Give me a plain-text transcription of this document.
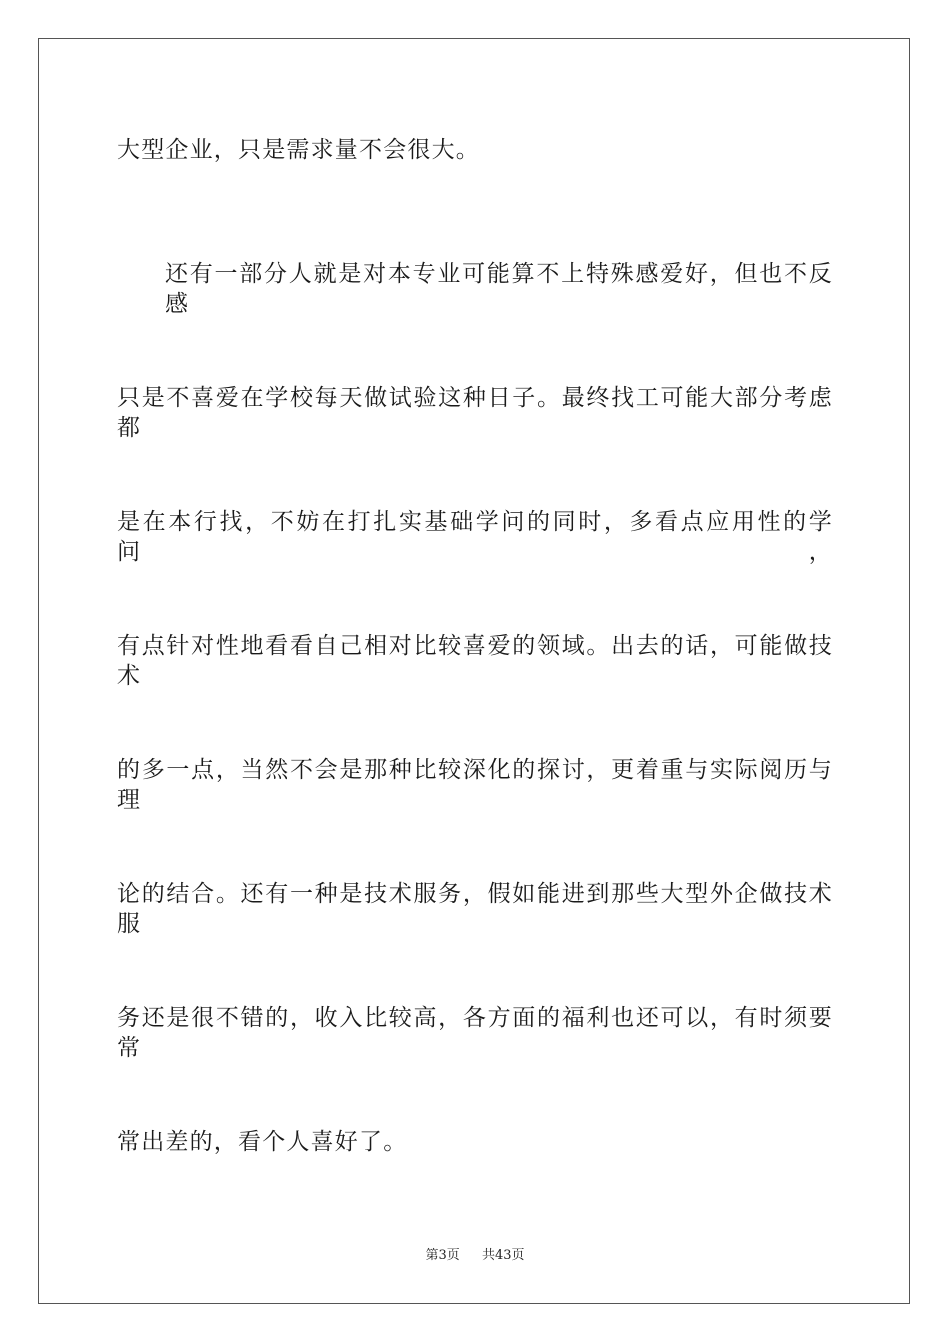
大型企业，只是需求量不会很大。
还有一部分人就是对本专业可能算不上特殊感爱好，但也不反感
只是不喜爱在学校每天做试验这种日子。最终找工可能大部分考虑都
是在本行找，不妨在打扎实基础学问的同时，多看点应用性的学问，
有点针对性地看看自己相对比较喜爱的领域。出去的话，可能做技术
的多一点，当然不会是那种比较深化的探讨，更着重与实际阅历与理
论的结合。还有一种是技术服务，假如能进到那些大型外企做技术服
务还是很不错的，收入比较高，各方面的福利也还可以，有时须要常
常出差的，看个人喜好了。
第3页 共43页
